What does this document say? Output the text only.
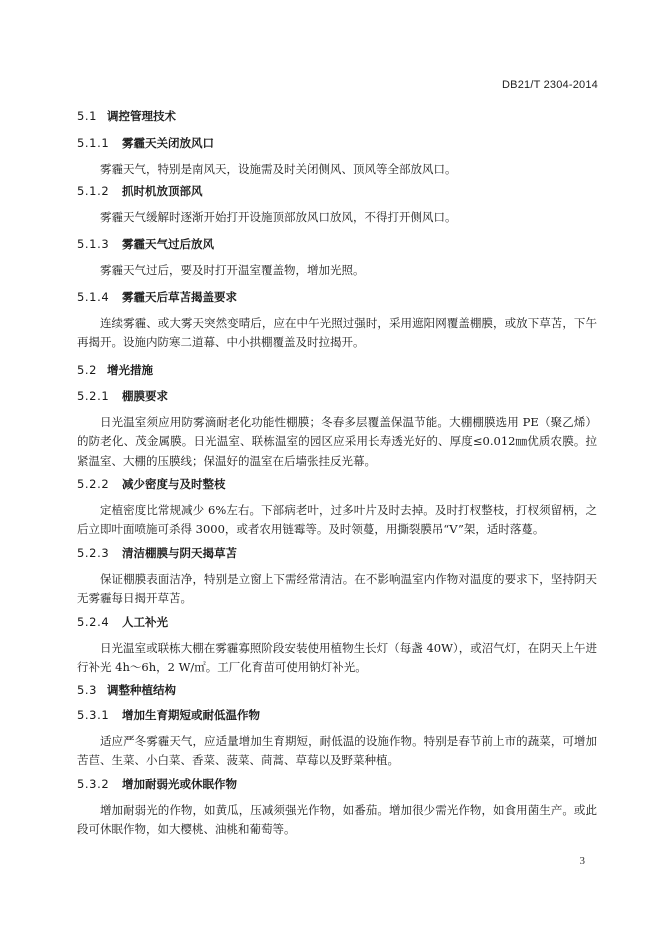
DB21/T 2304-2014
5.1 调控管理技术
5.1.1 雾霾天关闭放风口

雾霾天气，特别是南风天，设施需及时关闭侧风、顶风等全部放风口。

5.1.2 抓时机放顶部风

雾霾天气缓解时逐渐开始打开设施顶部放风口放风，不得打开侧风口。

5.1.3 雾霾天气过后放风

雾霾天气过后，要及时打开温室覆盖物，增加光照。

5.1.4 雾霾天后草苫揭盖要求

连续雾霾、或大雾天突然变晴后，应在中午光照过强时，采用遮阳网覆盖棚膜，或放下草苫，下午再揭开。设施内防寒二道幕、中小拱棚覆盖及时拉揭开。

5.2 增光措施
5.2.1 棚膜要求

日光温室须应用防雾滴耐老化功能性棚膜；冬春多层覆盖保温节能。大棚棚膜选用 PE（聚乙烯）的防老化、茂金属膜。日光温室、联栋温室的园区应采用长寿透光好的、厚度≤0.012㎜优质农膜。拉紧温室、大棚的压膜线；保温好的温室在后墙张挂反光幕。

5.2.2 减少密度与及时整枝

定植密度比常规减少 6%左右。下部病老叶，过多叶片及时去掉。及时打杈整枝，打杈须留柄，之后立即叶面喷施可杀得 3000，或者农用链霉等。及时领蔓，用撕裂膜吊“V”架，适时落蔓。

5.2.3 清洁棚膜与阴天揭草苫

保证棚膜表面洁净，特别是立窗上下需经常清洁。在不影响温室内作物对温度的要求下，坚持阴天无雾霾每日揭开草苫。

5.2.4 人工补光

日光温室或联栋大棚在雾霾寡照阶段安装使用植物生长灯（每盏 40W），或沼气灯，在阴天上午进行补光 4h～6h，2 W/㎡。工厂化育苗可使用钠灯补光。

5.3 调整种植结构
5.3.1 增加生育期短或耐低温作物

适应严冬雾霾天气，应适量增加生育期短，耐低温的设施作物。特别是春节前上市的蔬菜，可增加苦苣、生菜、小白菜、香菜、菠菜、茼蒿、草莓以及野菜种植。

5.3.2 增加耐弱光或休眠作物

增加耐弱光的作物，如黄瓜，压减须强光作物，如番茄。增加很少需光作物，如食用菌生产。或此段可休眠作物，如大樱桃、油桃和葡萄等。

3
